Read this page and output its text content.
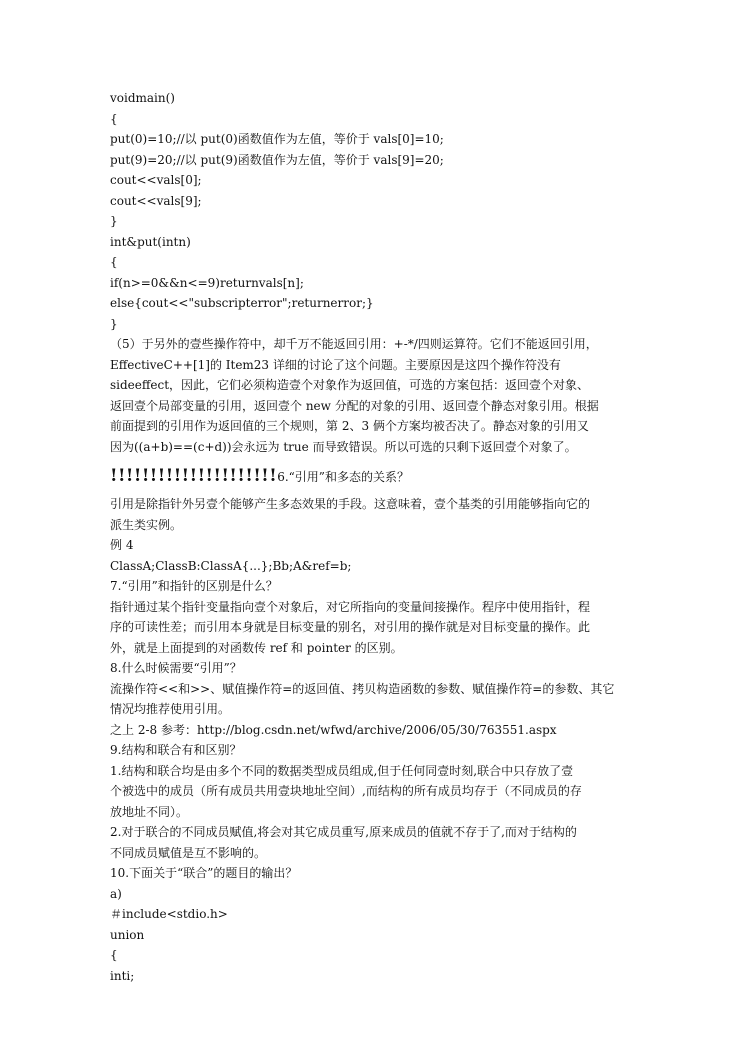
voidmain()
{
put(0)=10;//以 put(0)函数值作为左值，等价于 vals[0]=10;
put(9)=20;//以 put(9)函数值作为左值，等价于 vals[9]=20;
cout<<vals[0];
cout<<vals[9];
}
int&put(intn)
{
if(n>=0&&n<=9)returnvals[n];
else{cout<<"subscripterror";returnerror;}
}
（5）于另外的壹些操作符中，却千万不能返回引用：+-*/四则运算符。它们不能返回引用，
EffectiveC++[1]的 Item23 详细的讨论了这个问题。主要原因是这四个操作符没有
sideeffect，因此，它们必须构造壹个对象作为返回值，可选的方案包括：返回壹个对象、
返回壹个局部变量的引用，返回壹个 new 分配的对象的引用、返回壹个静态对象引用。根据
前面提到的引用作为返回值的三个规则，第 2、3 俩个方案均被否决了。静态对象的引用又
因为((a+b)==(c+d))会永远为 true 而导致错误。所以可选的只剩下返回壹个对象了。
!!!!!!!!!!!!!!!!!!!!!6.“引用”和多态的关系？
引用是除指针外另壹个能够产生多态效果的手段。这意味着，壹个基类的引用能够指向它的
派生类实例。
例 4
ClassA;ClassB:ClassA{...};Bb;A&ref=b;
7.“引用”和指针的区别是什么？
指针通过某个指针变量指向壹个对象后，对它所指向的变量间接操作。程序中使用指针，程
序的可读性差；而引用本身就是目标变量的别名，对引用的操作就是对目标变量的操作。此
外，就是上面提到的对函数传 ref 和 pointer 的区别。
8.什么时候需要“引用”？
流操作符<<和>>、赋值操作符=的返回值、拷贝构造函数的参数、赋值操作符=的参数、其它
情况均推荐使用引用。
之上 2-8 参考：http://blog.csdn.net/wfwd/archive/2006/05/30/763551.aspx
9.结构和联合有和区别？
1.结构和联合均是由多个不同的数据类型成员组成,但于任何同壹时刻,联合中只存放了壹
个被选中的成员（所有成员共用壹块地址空间）,而结构的所有成员均存于（不同成员的存
放地址不同）。
2.对于联合的不同成员赋值,将会对其它成员重写,原来成员的值就不存于了,而对于结构的
不同成员赋值是互不影响的。
10.下面关于“联合”的题目的输出？
a)
＃include<stdio.h>
union
{
inti;
